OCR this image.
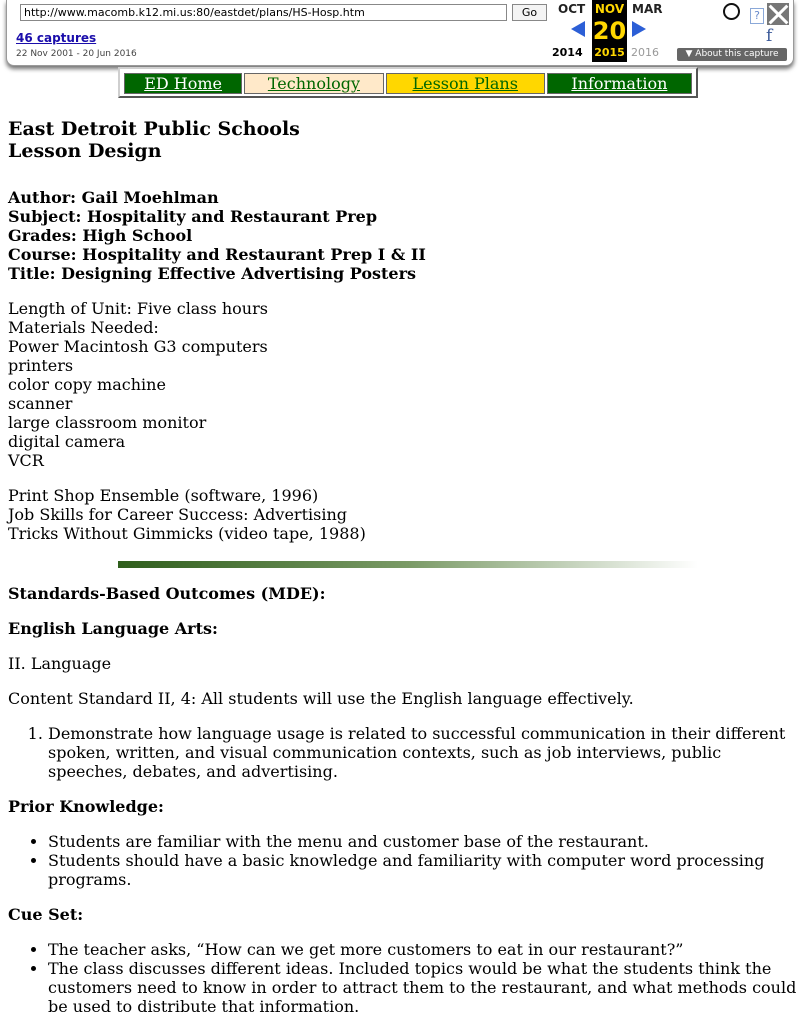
http://www.macomb.k12.mi.us:80/eastdet/plans/HS-Hosp.htm
Go
46 captures
22 Nov 2001 - 20 Jun 2016
OCT NOV
20
2015
MAR
2014	2016
?
f
▼ About this capture
ED Home	Technology	Lesson Plans	Information
East Detroit Public Schools
Lesson Design
Author: Gail Moehlman
Subject: Hospitality and Restaurant Prep
Grades: High School
Course: Hospitality and Restaurant Prep I & II
Title: Designing Effective Advertising Posters
Length of Unit: Five class hours
Materials Needed:
Power Macintosh G3 computers
printers
color copy machine
scanner
large classroom monitor
digital camera
VCR
Print Shop Ensemble (software, 1996)
Job Skills for Career Success: Advertising
Tricks Without Gimmicks (video tape, 1988)
Standards-Based Outcomes (MDE):
English Language Arts:
II. Language
Content Standard II, 4: All students will use the English language effectively.
1. Demonstrate how language usage is related to successful communication in their different spoken, written, and visual communication contexts, such as job interviews, public speeches, debates, and advertising.
Prior Knowledge:
• Students are familiar with the menu and customer base of the restaurant.
• Students should have a basic knowledge and familiarity with computer word processing programs.
Cue Set:
• The teacher asks, “How can we get more customers to eat in our restaurant?”
• The class discusses different ideas. Included topics would be what the students think the customers need to know in order to attract them to the restaurant, and what methods could be used to distribute that information.
